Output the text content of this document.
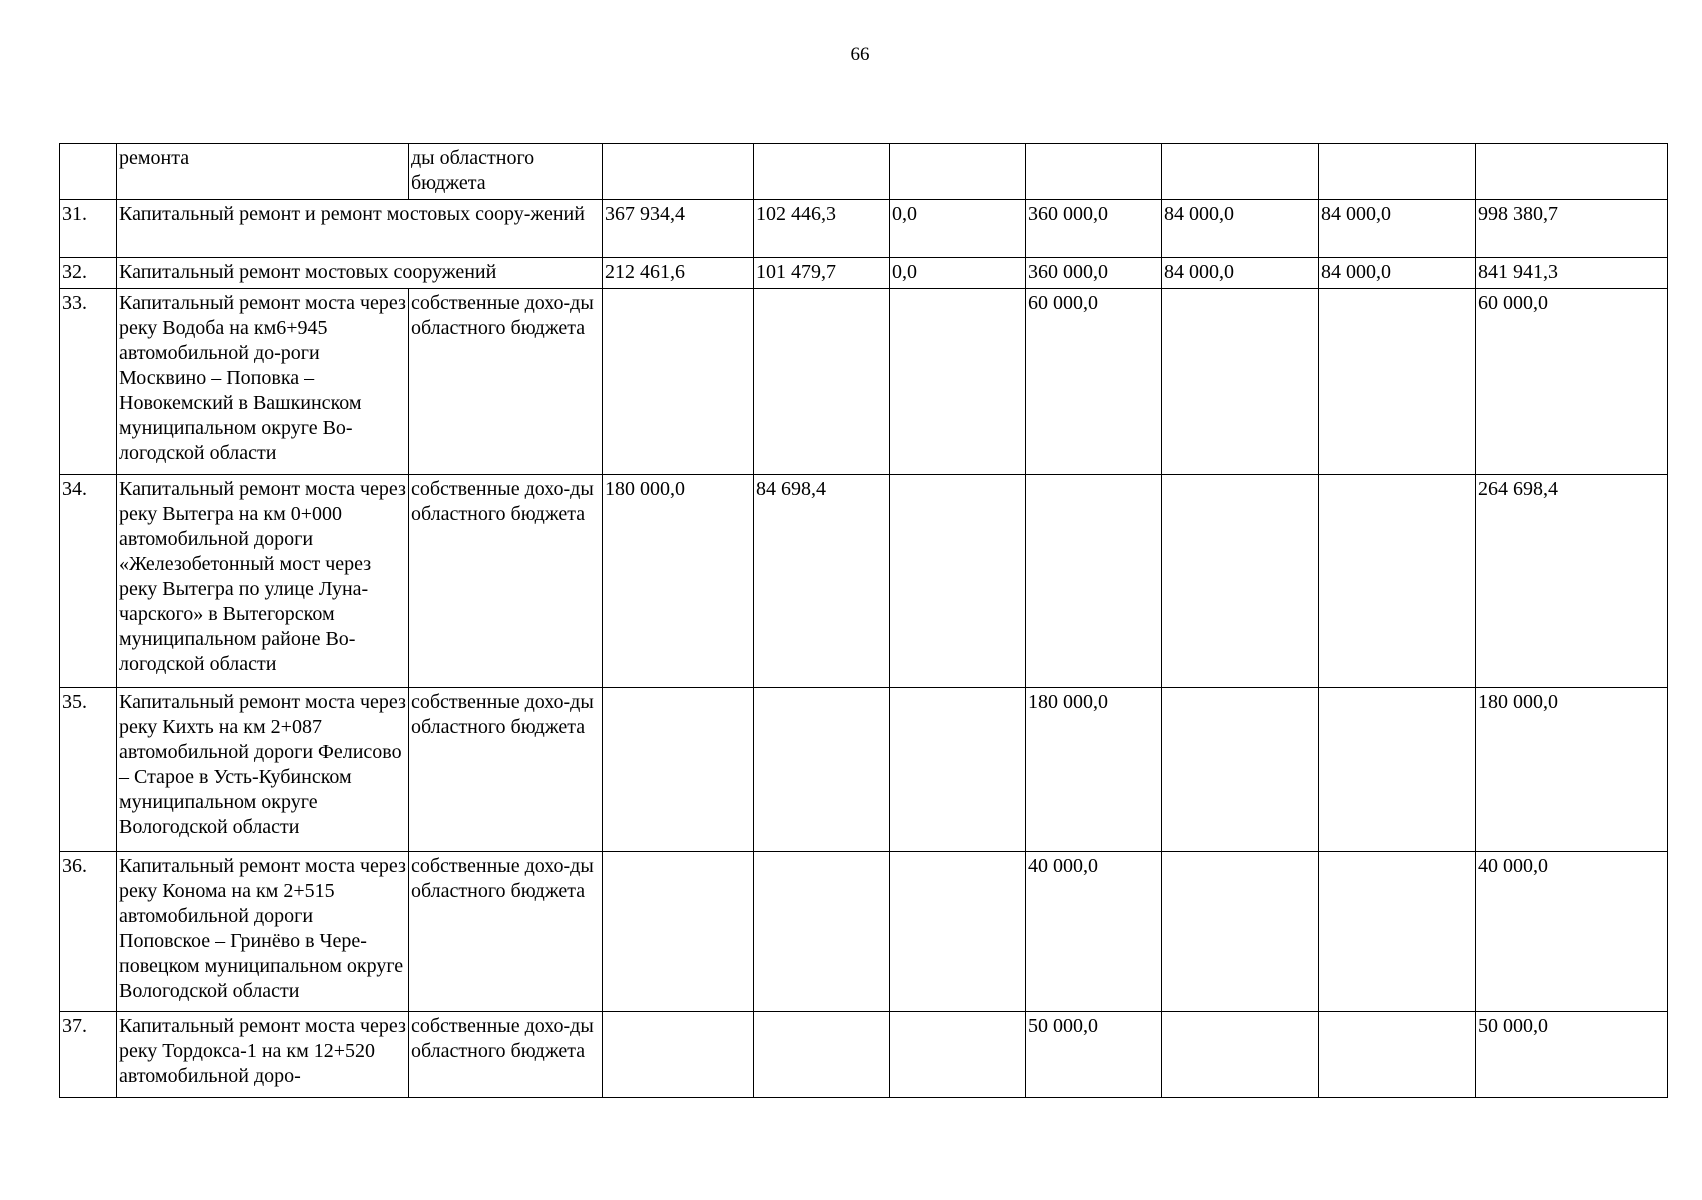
66
	ремонта	ды областного бюджета							
31.	Капитальный ремонт и ремонт мостовых соору-жений		367 934,4	102 446,3	0,0	360 000,0	84 000,0	84 000,0	998 380,7
32.	Капитальный ремонт мостовых сооружений		212 461,6	101 479,7	0,0	360 000,0	84 000,0	84 000,0	841 941,3
33.	Капитальный ремонт моста через реку Водоба на км6+945 автомобильной до-роги Москвино – Поповка – Новокемский в Вашкинском муниципальном округе Во-логодской области	собственные дохо-ды областного бюджета				60 000,0			60 000,0
34.	Капитальный ремонт моста через реку Вытегра на км 0+000 автомобильной дороги «Железобетонный мост через реку Вытегра по улице Луна-чарского» в Вытегорском муниципальном районе Во-логодской области	собственные дохо-ды областного бюджета	180 000,0	84 698,4					264 698,4
35.	Капитальный ремонт моста через реку Кихть на км 2+087 автомобильной дороги Фелисово – Старое в Усть-Кубинском муниципальном округе Вологодской области	собственные дохо-ды областного бюджета				180 000,0			180 000,0
36.	Капитальный ремонт моста через реку Конома на км 2+515 автомобильной дороги Поповское – Гринёво в Чере-повецком муниципальном округе Вологодской области	собственные дохо-ды областного бюджета				40 000,0			40 000,0
37.	Капитальный ремонт моста через реку Тордокса-1 на км 12+520 автомобильной доро-	собственные дохо-ды областного бюджета				50 000,0			50 000,0
